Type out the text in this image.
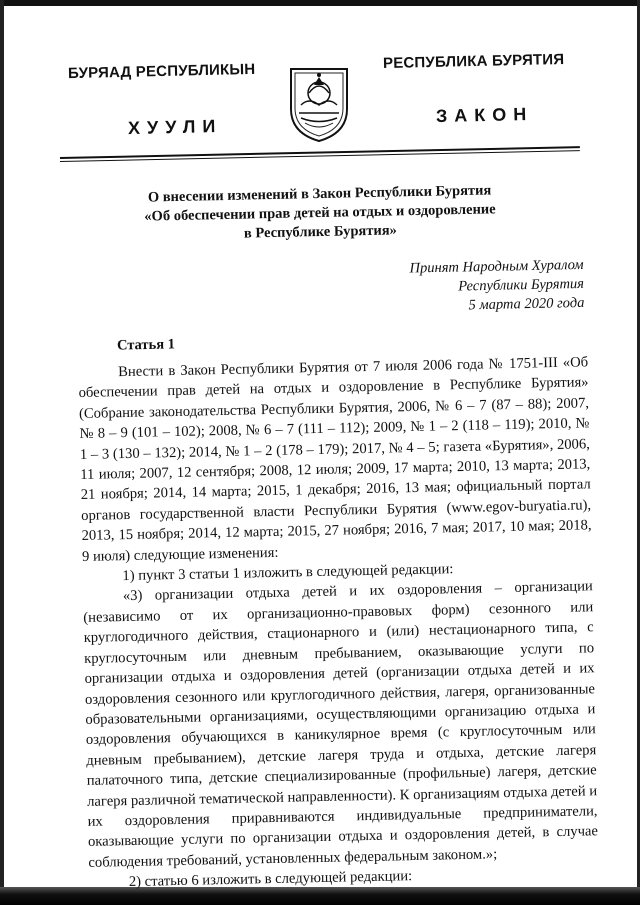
БУРЯАД РЕСПУБЛИКЫН	РЕСПУБЛИКА БУРЯТИЯ
ХУУЛИ
ЗАКОН
О внесении изменений в Закон Республики Бурятия
«Об обеспечении прав детей на отдых и оздоровление
в Республике Бурятия»
Принят Народным Хуралом
Республики Бурятия
5 марта 2020 года
Статья 1

Внести в Закон Республики Бурятия от 7 июля 2006 года № 1751-III «Об обеспечении прав детей на отдых и оздоровление в Республике Бурятия» (Собрание законодательства Республики Бурятия, 2006, № 6 – 7 (87 – 88); 2007, № 8 – 9 (101 – 102); 2008, № 6 – 7 (111 – 112); 2009, № 1 – 2 (118 – 119); 2010, № 1 – 3 (130 – 132); 2014, № 1 – 2 (178 – 179); 2017, № 4 – 5; газета «Бурятия», 2006, 11 июля; 2007, 12 сентября; 2008, 12 июля; 2009, 17 марта; 2010, 13 марта; 2013, 21 ноября; 2014, 14 марта; 2015, 1 декабря; 2016, 13 мая; официальный портал органов государственной власти Республики Бурятия (www.egov-buryatia.ru), 2013, 15 ноября; 2014, 12 марта; 2015, 27 ноября; 2016, 7 мая; 2017, 10 мая; 2018, 9 июля) следующие изменения:

1) пункт 3 статьи 1 изложить в следующей редакции:

«3) организации отдыха детей и их оздоровления – организации (независимо от их организационно-правовых форм) сезонного или круглогодичного действия, стационарного и (или) нестационарного типа, с круглосуточным или дневным пребыванием, оказывающие услуги по организации отдыха и оздоровления детей (организации отдыха детей и их оздоровления сезонного или круглогодичного действия, лагеря, организованные образовательными организациями, осуществляющими организацию отдыха и оздоровления обучающихся в каникулярное время (с круглосуточным или дневным пребыванием), детские лагеря труда и отдыха, детские лагеря палаточного типа, детские специализированные (профильные) лагеря, детские лагеря различной тематической направленности). К организациям отдыха детей и их оздоровления приравниваются индивидуальные предприниматели, оказывающие услуги по организации отдыха и оздоровления детей, в случае соблюдения требований, установленных федеральным законом.»;

2) статью 6 изложить в следующей редакции:
